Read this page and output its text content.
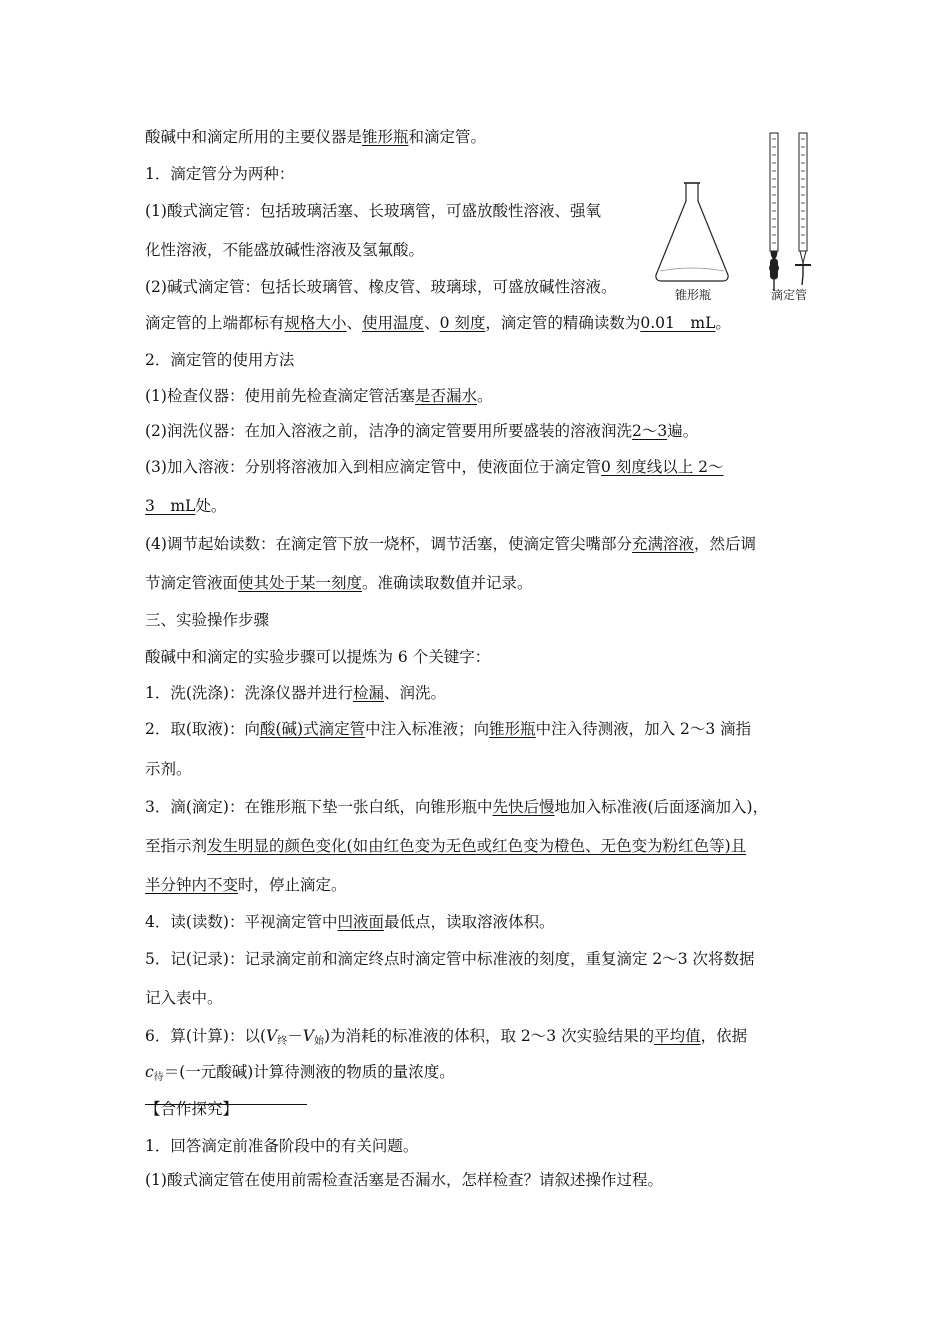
锥形瓶	滴定管
酸碱中和滴定所用的主要仪器是锥形瓶和滴定管。
1．滴定管分为两种：
(1)酸式滴定管：包括玻璃活塞、长玻璃管，可盛放酸性溶液、强氧
化性溶液，不能盛放碱性溶液及氢氟酸。
(2)碱式滴定管：包括长玻璃管、橡皮管、玻璃球，可盛放碱性溶液。
滴定管的上端都标有规格大小、使用温度、0 刻度，滴定管的精确读数为0.01　mL。
2．滴定管的使用方法
(1)检查仪器：使用前先检查滴定管活塞是否漏水。
(2)润洗仪器：在加入溶液之前，洁净的滴定管要用所要盛装的溶液润洗2～3遍。
(3)加入溶液：分别将溶液加入到相应滴定管中，使液面位于滴定管0 刻度线以上 2～
3　mL处。
(4)调节起始读数：在滴定管下放一烧杯，调节活塞，使滴定管尖嘴部分充满溶液，然后调
节滴定管液面使其处于某一刻度。准确读取数值并记录。
三、实验操作步骤
酸碱中和滴定的实验步骤可以提炼为 6 个关键字：
1．洗(洗涤)：洗涤仪器并进行检漏、润洗。
2．取(取液)：向酸(碱)式滴定管中注入标准液；向锥形瓶中注入待测液，加入 2～3 滴指
示剂。
3．滴(滴定)：在锥形瓶下垫一张白纸，向锥形瓶中先快后慢地加入标准液(后面逐滴加入)，
至指示剂发生明显的颜色变化(如由红色变为无色或红色变为橙色、无色变为粉红色等)且
半分钟内不变时，停止滴定。
4．读(读数)：平视滴定管中凹液面最低点，读取溶液体积。
5．记(记录)：记录滴定前和滴定终点时滴定管中标准液的刻度，重复滴定 2～3 次将数据
记入表中。
6．算(计算)：以$(V_终-V_始)$为消耗的标准液的体积，取 2～3 次实验结果的平均值，依据
$c_待=$(一元酸碱)计算待测液的物质的量浓度。
【合作探究】
1．回答滴定前准备阶段中的有关问题。
(1)酸式滴定管在使用前需检查活塞是否漏水，怎样检查？请叙述操作过程。
